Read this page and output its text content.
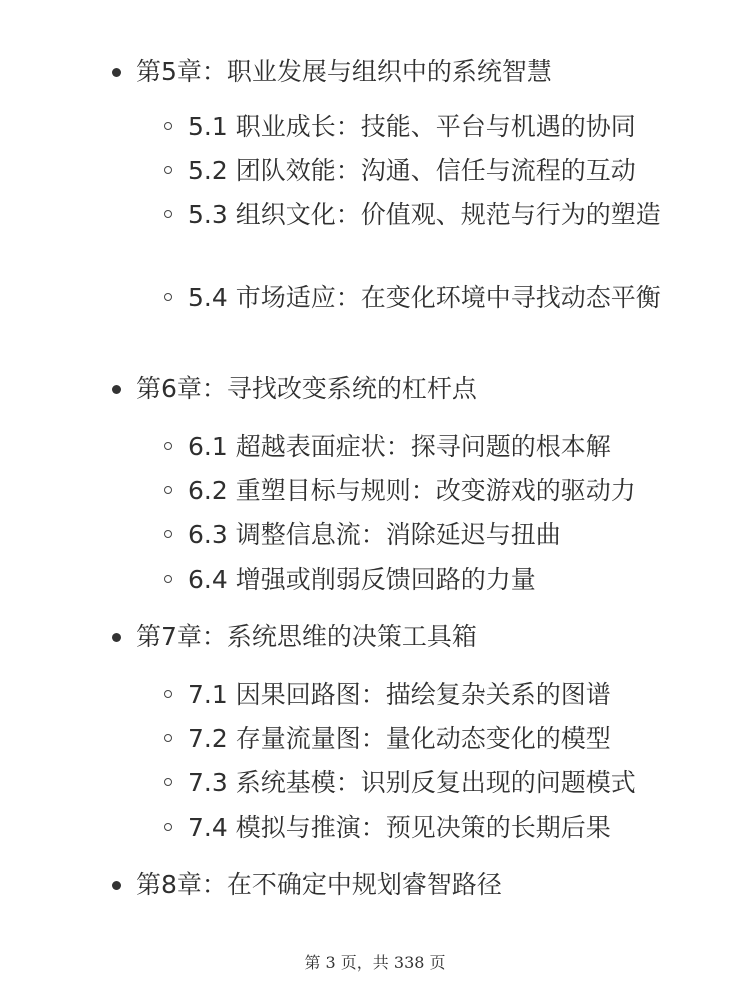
第5章：职业发展与组织中的系统智慧
5.1 职业成长：技能、平台与机遇的协同
5.2 团队效能：沟通、信任与流程的互动
5.3 组织文化：价值观、规范与行为的塑造
5.4 市场适应：在变化环境中寻找动态平衡
第6章：寻找改变系统的杠杆点
6.1 超越表面症状：探寻问题的根本解
6.2 重塑目标与规则：改变游戏的驱动力
6.3 调整信息流：消除延迟与扭曲
6.4 增强或削弱反馈回路的力量
第7章：系统思维的决策工具箱
7.1 因果回路图：描绘复杂关系的图谱
7.2 存量流量图：量化动态变化的模型
7.3 系统基模：识别反复出现的问题模式
7.4 模拟与推演：预见决策的长期后果
第8章：在不确定中规划睿智路径
第 3 页，共 338 页
